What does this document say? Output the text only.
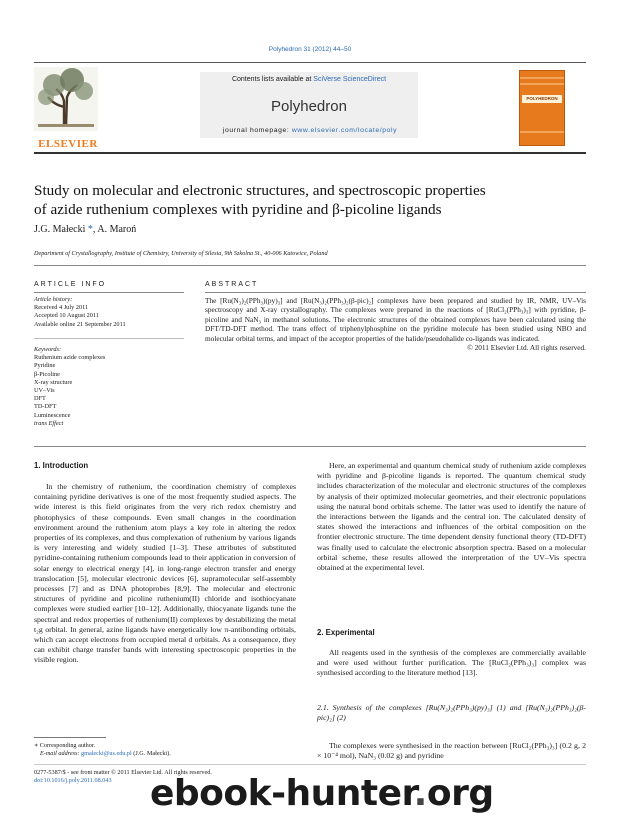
Polyhedron 31 (2012) 44–50
ELSEVIER
Contents lists available at SciVerse ScienceDirect
Polyhedron
journal homepage: www.elsevier.com/locate/poly
POLYHEDRON
Study on molecular and electronic structures, and spectroscopic properties
of azide ruthenium complexes with pyridine and β-picoline ligands
J.G. Małecki *, A. Maroń
Department of Crystallography, Institute of Chemistry, University of Silesia, 9th Szkolna St., 40-006 Katowice, Poland
ARTICLE INFO
Article history:
Received 4 July 2011
Accepted 10 August 2011
Available online 21 September 2011
Keywords:
Ruthenium azide complexes
Pyridine
β-Picoline
X-ray structure
UV–Vis
DFT
TD-DFT
Luminescence
trans Effect
ABSTRACT
The [Ru(N₃)₂(PPh₃)(py)₃] and [Ru(N₃)₂(PPh₃)₂(β-pic)₂] complexes have been prepared and studied by IR, NMR, UV–Vis spectroscopy and X-ray crystallography. The complexes were prepared in the reactions of [RuCl₂(PPh₃)₃] with pyridine, β-picoline and NaN₃ in methanol solutions. The electronic structures of the obtained complexes have been calculated using the DFT/TD-DFT method. The trans effect of triphenylphosphine on the pyridine molecule has been studied using NBO and molecular orbital terms, and impact of the acceptor properties of the halide/pseudohalide co-ligands was indicated.
© 2011 Elsevier Ltd. All rights reserved.
1. Introduction
In the chemistry of ruthenium, the coordination chemistry of complexes containing pyridine derivatives is one of the most frequently studied aspects. The wide interest is this field originates from the very rich redox chemistry and photophysics of these compounds. Even small changes in the coordination environment around the ruthenium atom plays a key role in altering the redox properties of its complexes, and thus complexation of ruthenium by various ligands is very interesting and widely studied [1–3]. These attributes of substituted pyridine-containing ruthenium compounds lead to their application in conversion of solar energy to electrical energy [4], in long-range electron transfer and energy translocation [5], molecular electronic devices [6], supramolecular self-assembly processes [7] and as DNA photoprobes [8,9]. The molecular and electronic structures of pyridine and picoline ruthenium(II) chloride and isothiocyanate complexes were studied earlier [10–12]. Additionally, thiocyanate ligands tune the spectral and redox properties of ruthenium(II) complexes by destabilizing the metal t₂g orbital. In general, azine ligands have energetically low π-antibonding orbitals, which can accept electrons from occupied metal d orbitals. As a consequence, they can exhibit charge transfer bands with interesting spectroscopic properties in the visible region.
∗ Corresponding author.
E-mail address: gmalecki@us.edu.pl (J.G. Małecki).
0277-5387/$ - see front matter © 2011 Elsevier Ltd. All rights reserved.
doi:10.1016/j.poly.2011.08.043
Here, an experimental and quantum chemical study of ruthenium azide complexes with pyridine and β-picoline ligands is reported. The quantum chemical study includes characterization of the molecular and electronic structures of the complexes by analysis of their optimized molecular geometries, and their electronic populations using the natural bond orbitals scheme. The latter was used to identify the nature of the interactions between the ligands and the central ion. The calculated density of states showed the interactions and influences of the orbital composition on the frontier electronic structure. The time dependent density functional theory (TD-DFT) was finally used to calculate the electronic absorption spectra. Based on a molecular orbital scheme, these results allowed the interpretation of the UV–Vis spectra obtained at the experimental level.
2. Experimental
All reagents used in the synthesis of the complexes are commercially available and were used without further purification. The [RuCl₂(PPh₃)₃] complex was synthesised according to the literature method [13].
2.1. Synthesis of the complexes [Ru(N₃)₂(PPh₃)(py)₃] (1) and [Ru(N₃)₂(PPh₃)₂(β-pic)₂] (2)
The complexes were synthesised in the reaction between [RuCl₂(PPh₃)₃] (0.2 g, 2 × 10⁻⁴ mol), NaN₃ (0.02 g) and pyridine
ebook-hunter.org
